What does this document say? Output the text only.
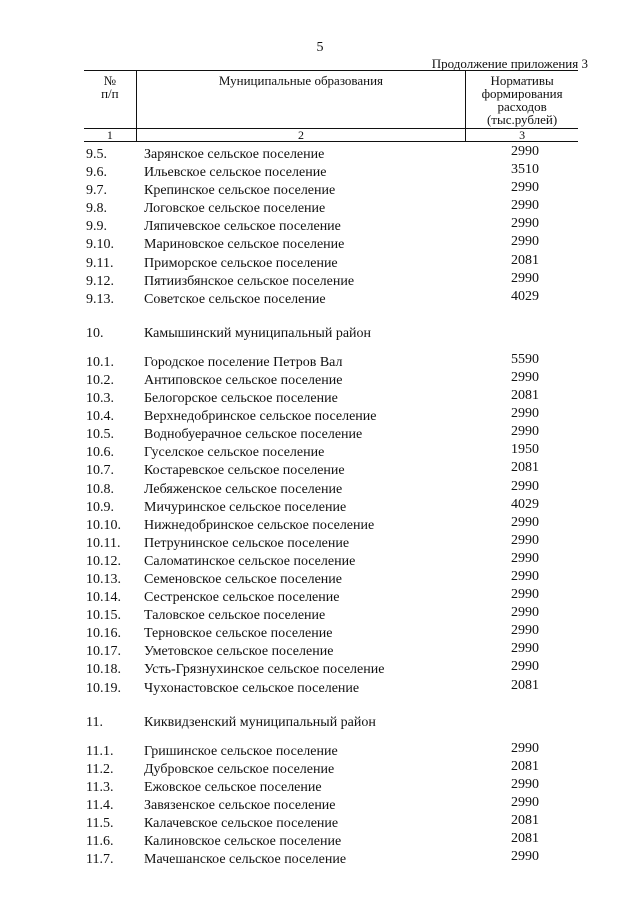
5
Продолжение приложения 3
№
п/п	Муниципальные образования	Нормативы
формирования
расходов
(тыс.рублей)
1	2	3
9.5.	Зарянское сельское поселение	2990
9.6.	Ильевское сельское поселение	3510
9.7.	Крепинское сельское поселение	2990
9.8.	Логовское сельское поселение	2990
9.9.	Ляпичевское сельское поселение	2990
9.10. Мариновское сельское поселение	2990
9.11. Приморское сельское поселение	2081
9.12. Пятиизбянское сельское поселение	2990
9.13. Советское сельское поселение	4029
10.	Камышинский муниципальный район
10.1. Городское поселение Петров Вал	5590
10.2. Антиповское сельское поселение	2990
10.3. Белогорское сельское поселение	2081
10.4. Верхнедобринское сельское поселение	2990
10.5. Воднобуерачное сельское поселение	2990
10.6. Гуселское сельское поселение	1950
10.7. Костаревское сельское поселение	2081
10.8. Лебяженское сельское поселение	2990
10.9. Мичуринское сельское поселение	4029
10.10. Нижнедобринское сельское поселение	2990
10.11. Петрунинское сельское поселение	2990
10.12. Саломатинское сельское поселение	2990
10.13. Семеновское сельское поселение	2990
10.14. Сестренское сельское поселение	2990
10.15. Таловское сельское поселение	2990
10.16. Терновское сельское поселение	2990
10.17. Уметовское сельское поселение	2990
10.18. Усть-Грязнухинское сельское поселение	2990
10.19. Чухонастовское сельское поселение	2081
11.	Киквидзенский муниципальный район
11.1. Гришинское сельское поселение	2990
11.2. Дубровское сельское поселение	2081
11.3. Ежовское сельское поселение	2990
11.4. Завязенское сельское поселение	2990
11.5. Калачевское сельское поселение	2081
11.6. Калиновское сельское поселение	2081
11.7. Мачешанское сельское поселение	2990
